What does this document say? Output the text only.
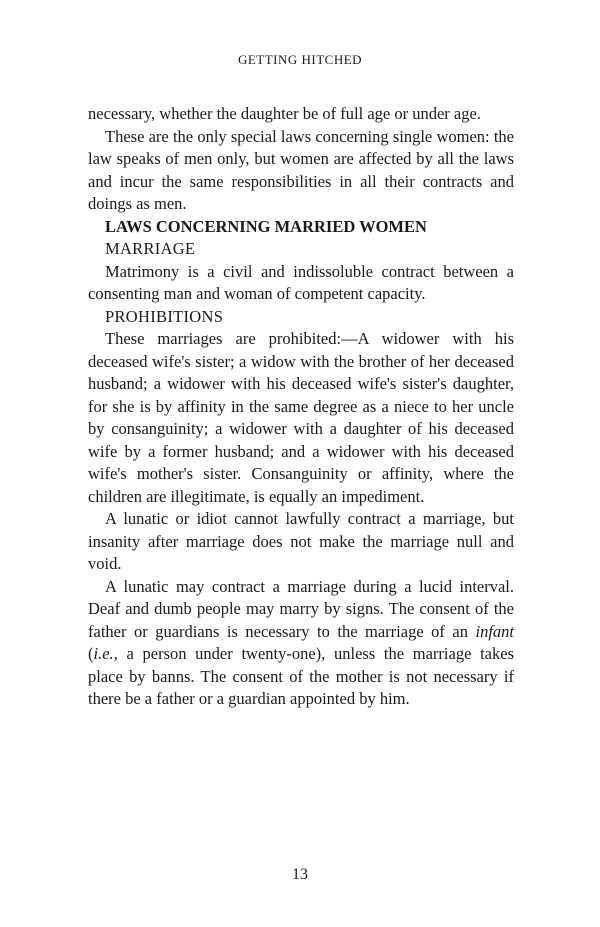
GETTING HITCHED

necessary, whether the daughter be of full age or under age.

These are the only special laws concerning single women: the law speaks of men only, but women are affected by all the laws and incur the same responsibilities in all their contracts and doings as men.

LAWS CONCERNING MARRIED WOMEN

MARRIAGE

Matrimony is a civil and indissoluble contract between a consenting man and woman of competent capacity.

PROHIBITIONS

These marriages are prohibited:—A widower with his deceased wife's sister; a widow with the brother of her deceased husband; a widower with his deceased wife's sister's daughter, for she is by affinity in the same degree as a niece to her uncle by consanguinity; a widower with a daughter of his deceased wife by a former husband; and a widower with his deceased wife's mother's sister. Consanguinity or affinity, where the children are illegitimate, is equally an impediment.

A lunatic or idiot cannot lawfully contract a marriage, but insanity after marriage does not make the marriage null and void.

A lunatic may contract a marriage during a lucid interval. Deaf and dumb people may marry by signs. The consent of the father or guardians is necessary to the marriage of an infant (i.e., a person under twenty-one), unless the marriage takes place by banns. The consent of the mother is not necessary if there be a father or a guardian appointed by him.

13
